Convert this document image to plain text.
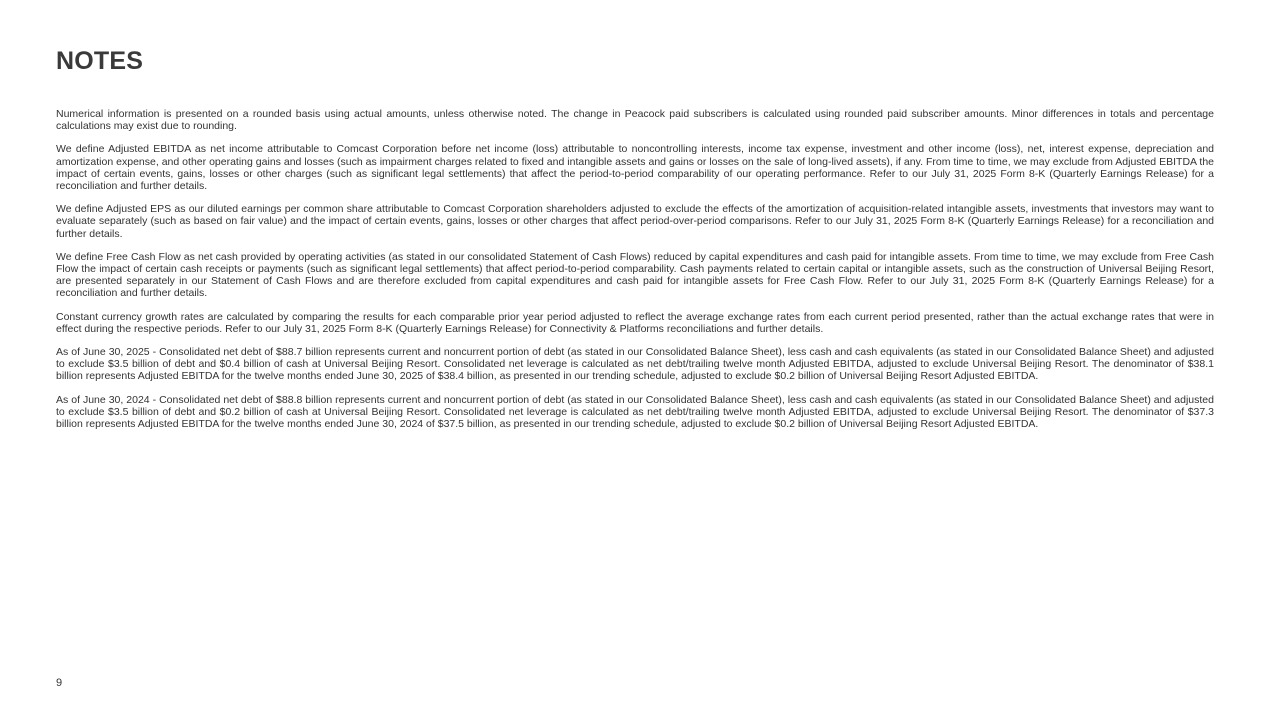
NOTES

Numerical information is presented on a rounded basis using actual amounts, unless otherwise noted. The change in Peacock paid subscribers is calculated using rounded paid subscriber amounts. Minor differences in totals and percentage calculations may exist due to rounding.

We define Adjusted EBITDA as net income attributable to Comcast Corporation before net income (loss) attributable to noncontrolling interests, income tax expense, investment and other income (loss), net, interest expense, depreciation and amortization expense, and other operating gains and losses (such as impairment charges related to fixed and intangible assets and gains or losses on the sale of long-lived assets), if any. From time to time, we may exclude from Adjusted EBITDA the impact of certain events, gains, losses or other charges (such as significant legal settlements) that affect the period-to-period comparability of our operating performance. Refer to our July 31, 2025 Form 8-K (Quarterly Earnings Release) for a reconciliation and further details.

We define Adjusted EPS as our diluted earnings per common share attributable to Comcast Corporation shareholders adjusted to exclude the effects of the amortization of acquisition-related intangible assets, investments that investors may want to evaluate separately (such as based on fair value) and the impact of certain events, gains, losses or other charges that affect period-over-period comparisons. Refer to our July 31, 2025 Form 8-K (Quarterly Earnings Release) for a reconciliation and further details.

We define Free Cash Flow as net cash provided by operating activities (as stated in our consolidated Statement of Cash Flows) reduced by capital expenditures and cash paid for intangible assets. From time to time, we may exclude from Free Cash Flow the impact of certain cash receipts or payments (such as significant legal settlements) that affect period-to-period comparability. Cash payments related to certain capital or intangible assets, such as the construction of Universal Beijing Resort, are presented separately in our Statement of Cash Flows and are therefore excluded from capital expenditures and cash paid for intangible assets for Free Cash Flow. Refer to our July 31, 2025 Form 8-K (Quarterly Earnings Release) for a reconciliation and further details.

Constant currency growth rates are calculated by comparing the results for each comparable prior year period adjusted to reflect the average exchange rates from each current period presented, rather than the actual exchange rates that were in effect during the respective periods. Refer to our July 31, 2025 Form 8-K (Quarterly Earnings Release) for Connectivity & Platforms reconciliations and further details.

As of June 30, 2025 - Consolidated net debt of $88.7 billion represents current and noncurrent portion of debt (as stated in our Consolidated Balance Sheet), less cash and cash equivalents (as stated in our Consolidated Balance Sheet) and adjusted to exclude $3.5 billion of debt and $0.4 billion of cash at Universal Beijing Resort. Consolidated net leverage is calculated as net debt/trailing twelve month Adjusted EBITDA, adjusted to exclude Universal Beijing Resort. The denominator of $38.1 billion represents Adjusted EBITDA for the twelve months ended June 30, 2025 of $38.4 billion, as presented in our trending schedule, adjusted to exclude $0.2 billion of Universal Beijing Resort Adjusted EBITDA.

As of June 30, 2024 - Consolidated net debt of $88.8 billion represents current and noncurrent portion of debt (as stated in our Consolidated Balance Sheet), less cash and cash equivalents (as stated in our Consolidated Balance Sheet) and adjusted to exclude $3.5 billion of debt and $0.2 billion of cash at Universal Beijing Resort. Consolidated net leverage is calculated as net debt/trailing twelve month Adjusted EBITDA, adjusted to exclude Universal Beijing Resort. The denominator of $37.3 billion represents Adjusted EBITDA for the twelve months ended June 30, 2024 of $37.5 billion, as presented in our trending schedule, adjusted to exclude $0.2 billion of Universal Beijing Resort Adjusted EBITDA.

9
